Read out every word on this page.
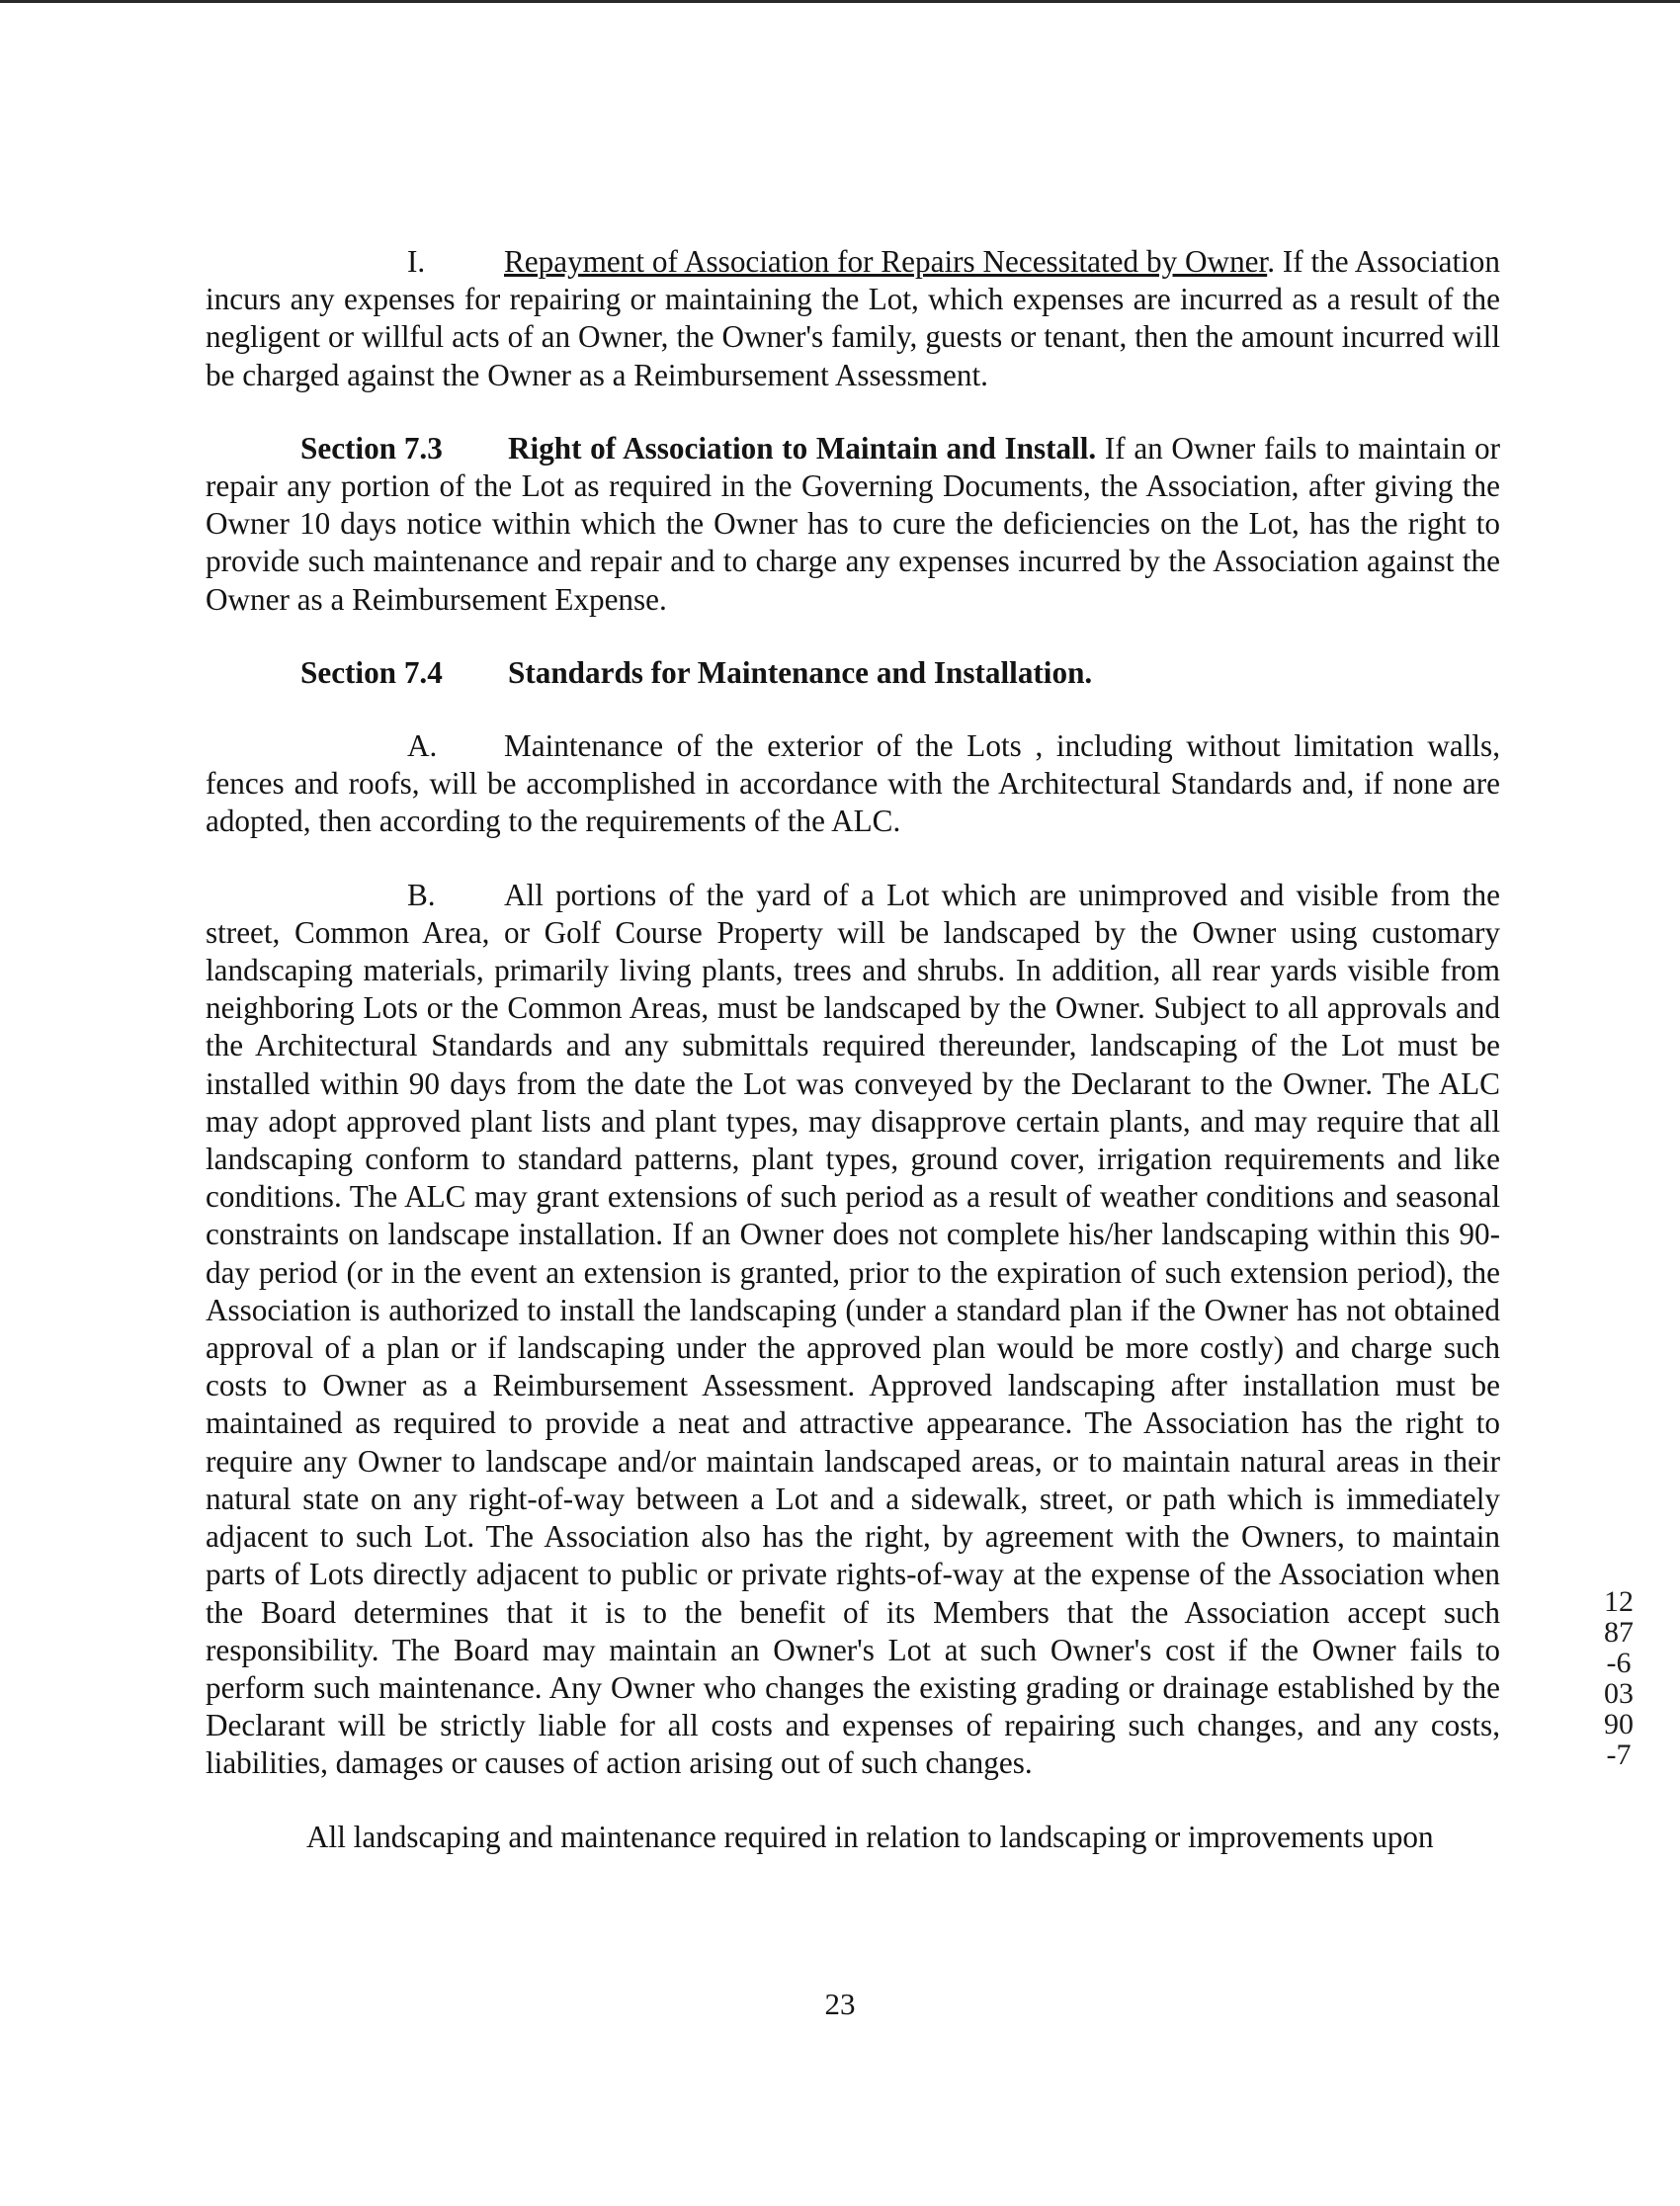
I.	Repayment of Association for Repairs Necessitated by Owner. If the Association incurs any expenses for repairing or maintaining the Lot, which expenses are incurred as a result of the negligent or willful acts of an Owner, the Owner's family, guests or tenant, then the amount incurred will be charged against the Owner as a Reimbursement Assessment.

Section 7.3 Right of Association to Maintain and Install. If an Owner fails to maintain or repair any portion of the Lot as required in the Governing Documents, the Association, after giving the Owner 10 days notice within which the Owner has to cure the deficiencies on the Lot, has the right to provide such maintenance and repair and to charge any expenses incurred by the Association against the Owner as a Reimbursement Expense.

Section 7.4 Standards for Maintenance and Installation.

A. Maintenance of the exterior of the Lots , including without limitation walls, fences and roofs, will be accomplished in accordance with the Architectural Standards and, if none are adopted, then according to the requirements of the ALC.

B. All portions of the yard of a Lot which are unimproved and visible from the street, Common Area, or Golf Course Property will be landscaped by the Owner using customary landscaping materials, primarily living plants, trees and shrubs. In addition, all rear yards visible from neighboring Lots or the Common Areas, must be landscaped by the Owner. Subject to all approvals and the Architectural Standards and any submittals required thereunder, landscaping of the Lot must be installed within 90 days from the date the Lot was conveyed by the Declarant to the Owner. The ALC may adopt approved plant lists and plant types, may disapprove certain plants, and may require that all landscaping conform to standard patterns, plant types, ground cover, irrigation requirements and like conditions. The ALC may grant extensions of such period as a result of weather conditions and seasonal constraints on landscape installation. If an Owner does not complete his/her landscaping within this 90-day period (or in the event an extension is granted, prior to the expiration of such extension period), the Association is authorized to install the landscaping (under a standard plan if the Owner has not obtained approval of a plan or if landscaping under the approved plan would be more costly) and charge such costs to Owner as a Reimbursement Assessment. Approved landscaping after installation must be maintained as required to provide a neat and attractive appearance. The Association has the right to require any Owner to landscape and/or maintain landscaped areas, or to maintain natural areas in their natural state on any right-of-way between a Lot and a sidewalk, street, or path which is immediately adjacent to such Lot. The Association also has the right, by agreement with the Owners, to maintain parts of Lots directly adjacent to public or private rights-of-way at the expense of the Association when the Board determines that it is to the benefit of its Members that the Association accept such responsibility. The Board may maintain an Owner's Lot at such Owner's cost if the Owner fails to perform such maintenance. Any Owner who changes the existing grading or drainage established by the Declarant will be strictly liable for all costs and expenses of repairing such changes, and any costs, liabilities, damages or causes of action arising out of such changes.

All landscaping and maintenance required in relation to landscaping or improvements upon

23
1287-6 0390-7
